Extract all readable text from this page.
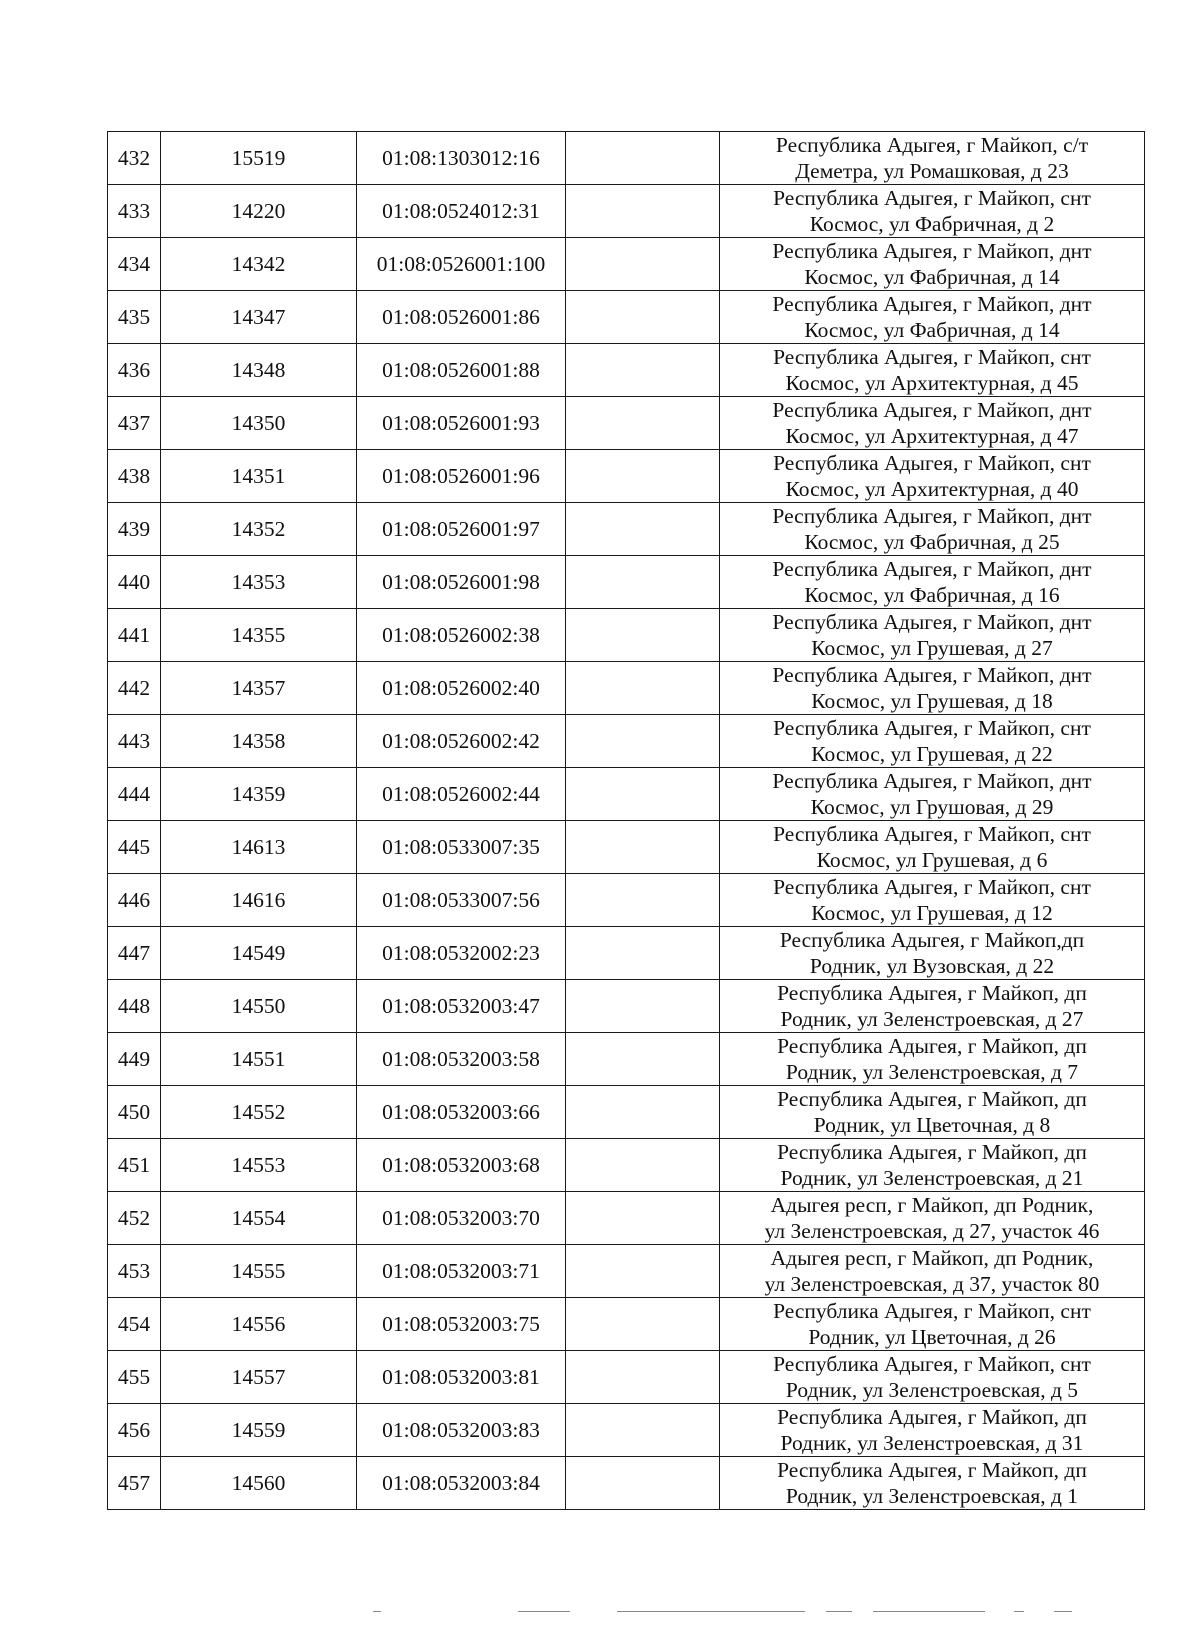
432	15519	01:08:1303012:16		Республика Адыгея, г Майкоп, с/т
Деметра, ул Ромашковая, д 23
433	14220	01:08:0524012:31		Республика Адыгея, г Майкоп, снт
Космос, ул Фабричная, д 2
434	14342	01:08:0526001:100		Республика Адыгея, г Майкоп, днт
Космос, ул Фабричная, д 14
435	14347	01:08:0526001:86		Республика Адыгея, г Майкоп, днт
Космос, ул Фабричная, д 14
436	14348	01:08:0526001:88		Республика Адыгея, г Майкоп, снт
Космос, ул Архитектурная, д 45
437	14350	01:08:0526001:93		Республика Адыгея, г Майкоп, днт
Космос, ул Архитектурная, д 47
438	14351	01:08:0526001:96		Республика Адыгея, г Майкоп, снт
Космос, ул Архитектурная, д 40
439	14352	01:08:0526001:97		Республика Адыгея, г Майкоп, днт
Космос, ул Фабричная, д 25
440	14353	01:08:0526001:98		Республика Адыгея, г Майкоп, днт
Космос, ул Фабричная, д 16
441	14355	01:08:0526002:38		Республика Адыгея, г Майкоп, днт
Космос, ул Грушевая, д 27
442	14357	01:08:0526002:40		Республика Адыгея, г Майкоп, днт
Космос, ул Грушевая, д 18
443	14358	01:08:0526002:42		Республика Адыгея, г Майкоп, снт
Космос, ул Грушевая, д 22
444	14359	01:08:0526002:44		Республика Адыгея, г Майкоп, днт
Космос, ул Грушовая, д 29
445	14613	01:08:0533007:35		Республика Адыгея, г Майкоп, снт
Космос, ул Грушевая, д 6
446	14616	01:08:0533007:56		Республика Адыгея, г Майкоп, снт
Космос, ул Грушевая, д 12
447	14549	01:08:0532002:23		Республика Адыгея, г Майкоп,дп
Родник, ул Вузовская, д 22
448	14550	01:08:0532003:47		Республика Адыгея, г Майкоп, дп
Родник, ул Зеленстроевская, д 27
449	14551	01:08:0532003:58		Республика Адыгея, г Майкоп, дп
Родник, ул Зеленстроевская, д 7
450	14552	01:08:0532003:66		Республика Адыгея, г Майкоп, дп
Родник, ул Цветочная, д 8
451	14553	01:08:0532003:68		Республика Адыгея, г Майкоп, дп
Родник, ул Зеленстроевская, д 21
452	14554	01:08:0532003:70		Адыгея респ, г Майкоп, дп Родник,
ул Зеленстроевская, д 27, участок 46
453	14555	01:08:0532003:71		Адыгея респ, г Майкоп, дп Родник,
ул Зеленстроевская, д 37, участок 80
454	14556	01:08:0532003:75		Республика Адыгея, г Майкоп, снт
Родник, ул Цветочная, д 26
455	14557	01:08:0532003:81		Республика Адыгея, г Майкоп, снт
Родник, ул Зеленстроевская, д 5
456	14559	01:08:0532003:83		Республика Адыгея, г Майкоп, дп
Родник, ул Зеленстроевская, д 31
457	14560	01:08:0532003:84		Республика Адыгея, г Майкоп, дп
Родник, ул Зеленстроевская, д 1
